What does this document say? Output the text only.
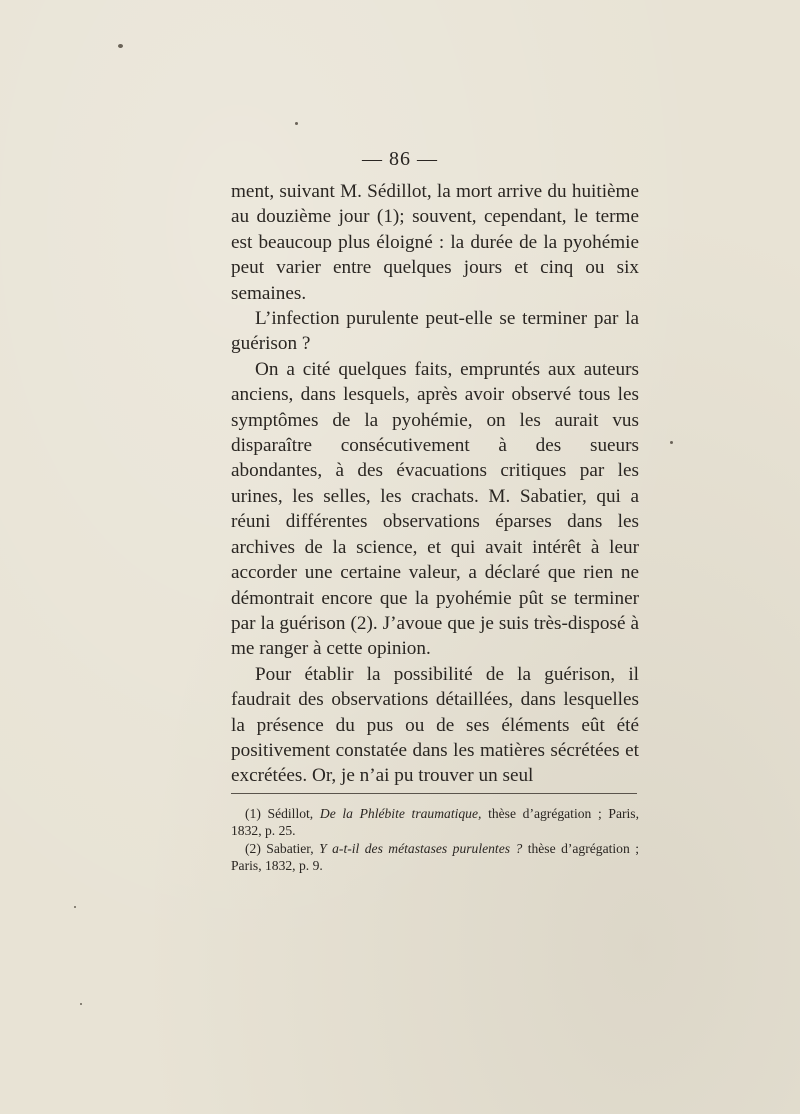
— 86 —

ment, suivant M. Sédillot, la mort arrive du huitième au douzième jour (1); souvent, cependant, le terme est beaucoup plus éloigné : la durée de la pyohémie peut varier entre quelques jours et cinq ou six semaines.

L’infection purulente peut-elle se terminer par la guérison ?

On a cité quelques faits, empruntés aux auteurs anciens, dans lesquels, après avoir observé tous les symptômes de la pyohémie, on les aurait vus disparaître consécutivement à des sueurs abondantes, à des évacuations critiques par les urines, les selles, les crachats. M. Sabatier, qui a réuni différentes observations éparses dans les archives de la science, et qui avait intérêt à leur accorder une certaine valeur, a déclaré que rien ne démontrait encore que la pyohémie pût se terminer par la guérison (2). J’avoue que je suis très-disposé à me ranger à cette opinion.

Pour établir la possibilité de la guérison, il faudrait des observations détaillées, dans lesquelles la présence du pus ou de ses éléments eût été positivement constatée dans les matières sécrétées et excrétées. Or, je n’ai pu trouver un seul

(1) Sédillot, De la Phlébite traumatique, thèse d’agrégation ; Paris, 1832, p. 25.

(2) Sabatier, Y a-t-il des métastases purulentes ? thèse d’agrégation ; Paris, 1832, p. 9.
